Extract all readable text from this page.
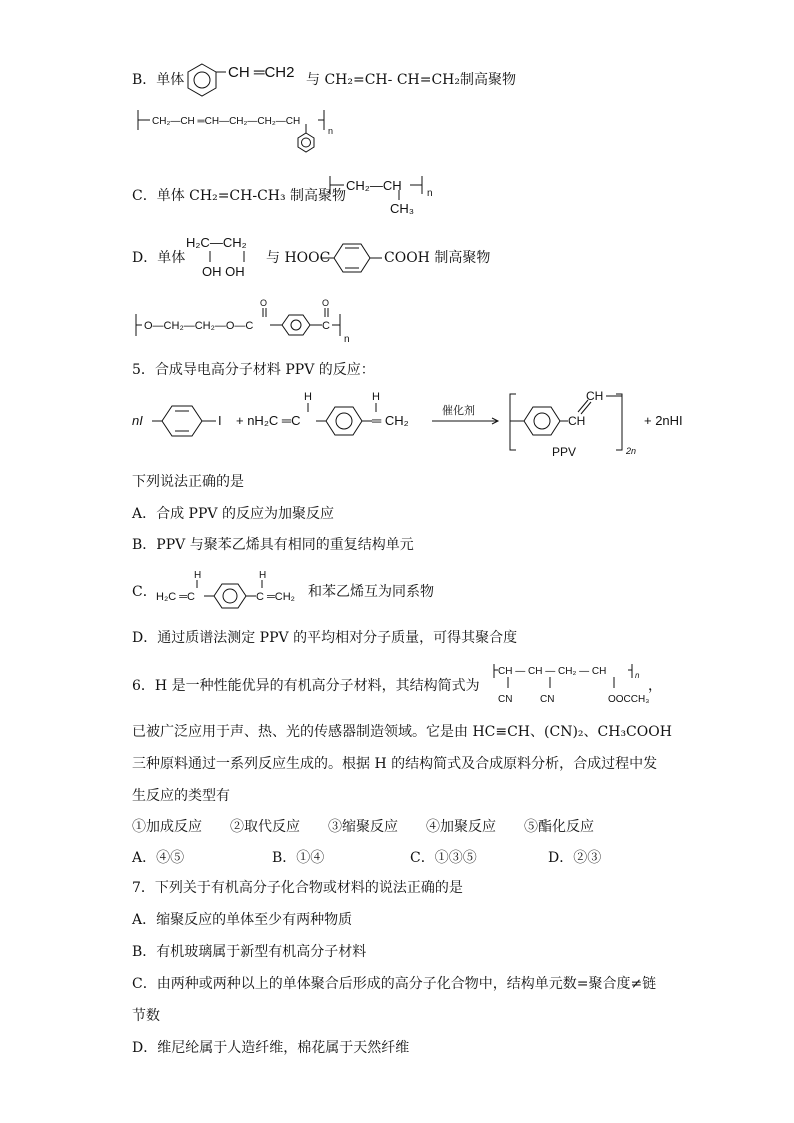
B．单体	CH ═CH2 与 CH₂=CH- CH=CH₂制高聚物
CH₂—CH ═CH—CH₂—CH₂—CH
n
C．单体 CH₂=CH-CH₃ 制高聚物
CH₂—CH
n
CH₃
D．单体
H₂C—CH₂
OH OH
与 HOOC	COOH 制高聚物
O—CH₂—CH₂—O—C
O
C
O
n
5．合成导电高分子材料 PPV 的反应：
nI	I + nH₂C ═C
H	H
═ CH₂
催化剂
CH
CH
2n
+ 2nHI
PPV
下列说法正确的是
A．合成 PPV 的反应为加聚反应
B．PPV 与聚苯乙烯具有相同的重复结构单元
C．
H
H₂C ═C
H
C ═CH₂ 和苯乙烯互为同系物
D．通过质谱法测定 PPV 的平均相对分子质量，可得其聚合度
6．H 是一种性能优异的有机高分子材料，其结构简式为
CH — CH — CH₂ — CH	n
CN	CN	OOCCH₃
，
已被广泛应用于声、热、光的传感器制造领域。它是由 HC≡CH、(CN)₂、CH₃COOH
三种原料通过一系列反应生成的。根据 H 的结构简式及合成原料分析，合成过程中发
生反应的类型有
①加成反应 ②取代反应 ③缩聚反应 ④加聚反应 ⑤酯化反应
A．④⑤	B．①④	C．①③⑤	D．②③
7．下列关于有机高分子化合物或材料的说法正确的是
A．缩聚反应的单体至少有两种物质
B．有机玻璃属于新型有机高分子材料
C．由两种或两种以上的单体聚合后形成的高分子化合物中，结构单元数=聚合度≠链
节数
D．维尼纶属于人造纤维，棉花属于天然纤维
